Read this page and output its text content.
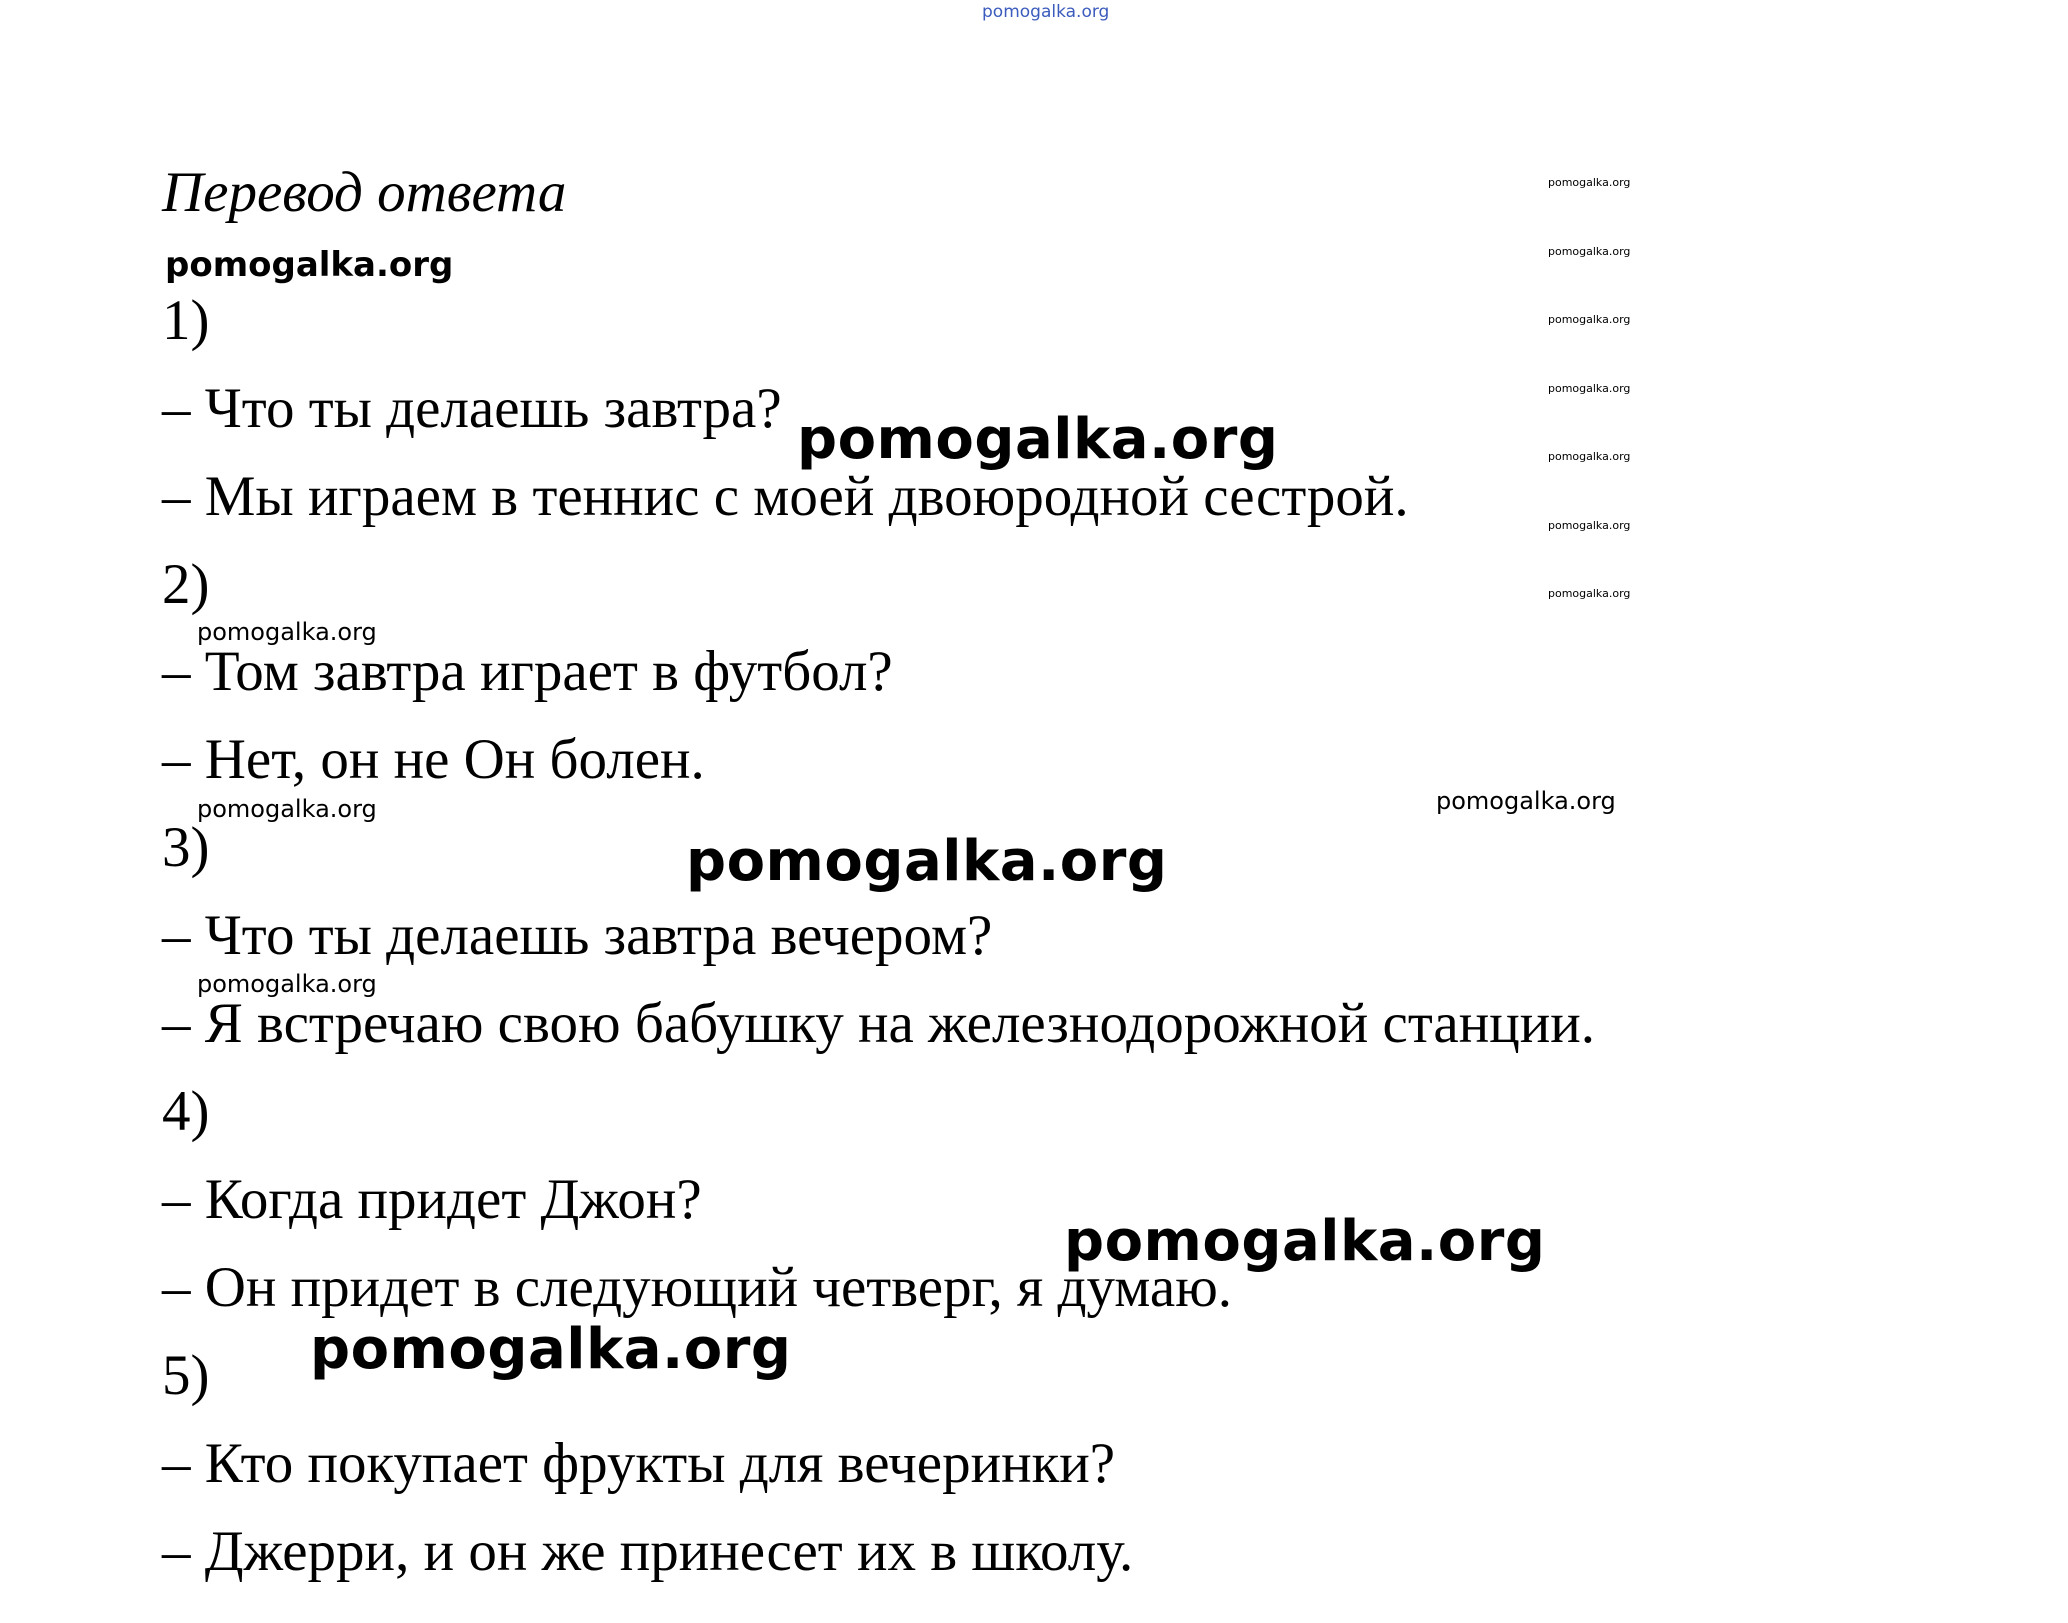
pomogalka.org
Перевод ответа
pomogalka.org
1)
– Что ты делаешь завтра?
– Мы играем в теннис с моей двоюродной сестрой.
2)
– Том завтра играет в футбол?
– Нет, он не Он болен.
3)
– Что ты делаешь завтра вечером?
– Я встречаю свою бабушку на железнодорожной станции.
4)
– Когда придет Джон?
– Он придет в следующий четверг, я думаю.
5)
– Кто покупает фрукты для вечеринки?
– Джерри, и он же принесет их в школу.
pomogalka.org
pomogalka.org
pomogalka.org
pomogalka.org
pomogalka.org
pomogalka.org	pomogalka.org
pomogalka.org
pomogalka.org
pomogalka.org
pomogalka.org
pomogalka.org
pomogalka.org
pomogalka.org
pomogalka.org
